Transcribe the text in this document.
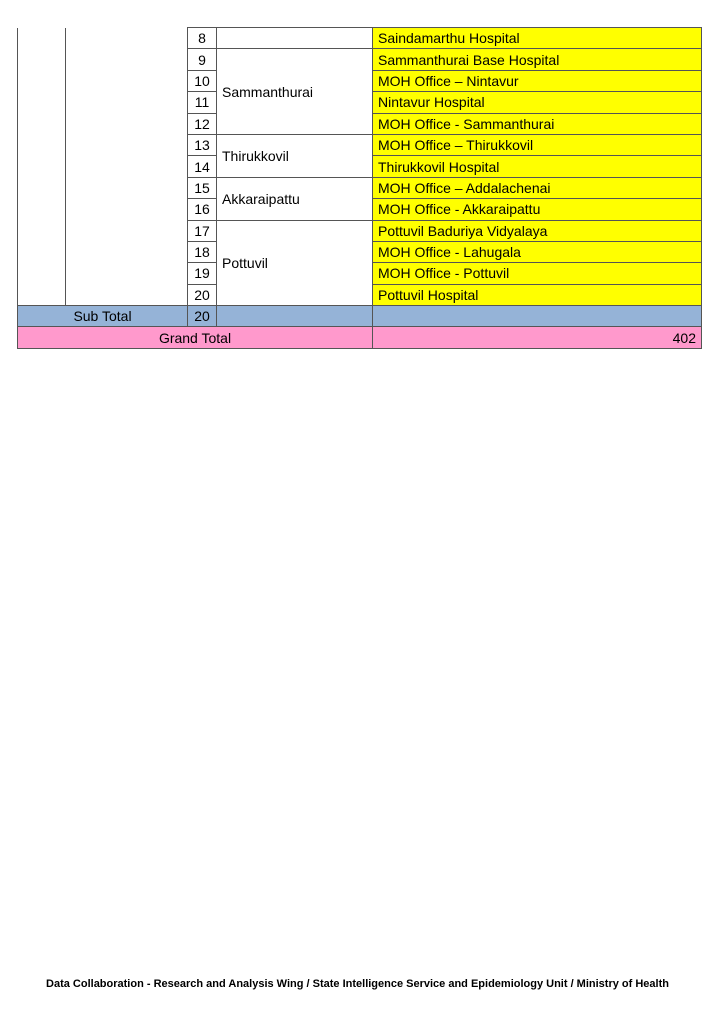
		8		Saindamarthu Hospital
		9	Sammanthurai	Sammanthurai Base Hospital
		10		MOH Office – Nintavur
		11		Nintavur Hospital
		12		MOH Office - Sammanthurai
		13	Thirukkovil	MOH Office – Thirukkovil
		14		Thirukkovil Hospital
		15	Akkaraipattu	MOH Office – Addalachenai
		16		MOH Office - Akkaraipattu
		17	Pottuvil	Pottuvil Baduriya Vidyalaya
		18		MOH Office - Lahugala
		19		MOH Office - Pottuvil
		20		Pottuvil Hospital
Sub Total		20		
Grand Total				402
Data Collaboration - Research and Analysis Wing / State Intelligence Service and Epidemiology Unit / Ministry of Health
